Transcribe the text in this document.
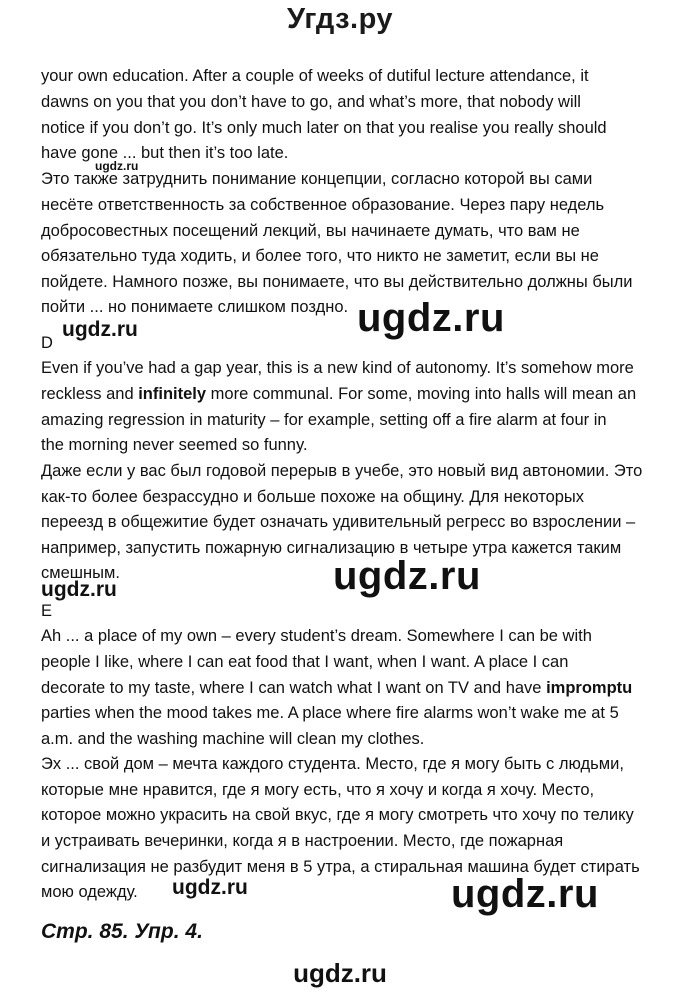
Угдз.ру
your own education. After a couple of weeks of dutiful lecture attendance, it
dawns on you that you don’t have to go, and what’s more, that nobody will
notice if you don’t go. It’s only much later on that you realise you really should
have gone ... but then it’s too late.
ugdz.ru
Это также затруднить понимание концепции, согласно которой вы сами
несёте ответственность за собственное образование. Через пару недель
добросовестных посещений лекций, вы начинаете думать, что вам не
обязательно туда ходить, и более того, что никто не заметит, если вы не
пойдете. Намного позже, вы понимаете, что вы действительно должны были
пойти ... но понимаете слишком поздно. ugdz.ru
ugdz.ru
D
Even if you’ve had a gap year, this is a new kind of autonomy. It’s somehow more
reckless and infinitely more communal. For some, moving into halls will mean an
amazing regression in maturity – for example, setting off a fire alarm at four in
the morning never seemed so funny.
Даже если у вас был годовой перерыв в учебе, это новый вид автономии. Это
как-то более безрассудно и больше похоже на общину. Для некоторых
переезд в общежитие будет означать удивительный регресс во взрослении –
например, запустить пожарную сигнализацию в четыре утра кажется таким
смешным.	ugdz.ru
ugdz.ru
E
Ah ... a place of my own – every student’s dream. Somewhere I can be with
people I like, where I can eat food that I want, when I want. A place I can
decorate to my taste, where I can watch what I want on TV and have impromptu
parties when the mood takes me. A place where fire alarms won’t wake me at 5
a.m. and the washing machine will clean my clothes.
Эх ... свой дом – мечта каждого студента. Место, где я могу быть с людьми,
которые мне нравится, где я могу есть, что я хочу и когда я хочу. Место,
которое можно украсить на свой вкус, где я могу смотреть что хочу по телику
и устраивать вечеринки, когда я в настроении. Место, где пожарная
сигнализация не разбудит меня в 5 утра, а стиральная машина будет стирать
мою одежду. ugdz.ru	ugdz.ru
Стр. 85. Упр. 4.
ugdz.ru
